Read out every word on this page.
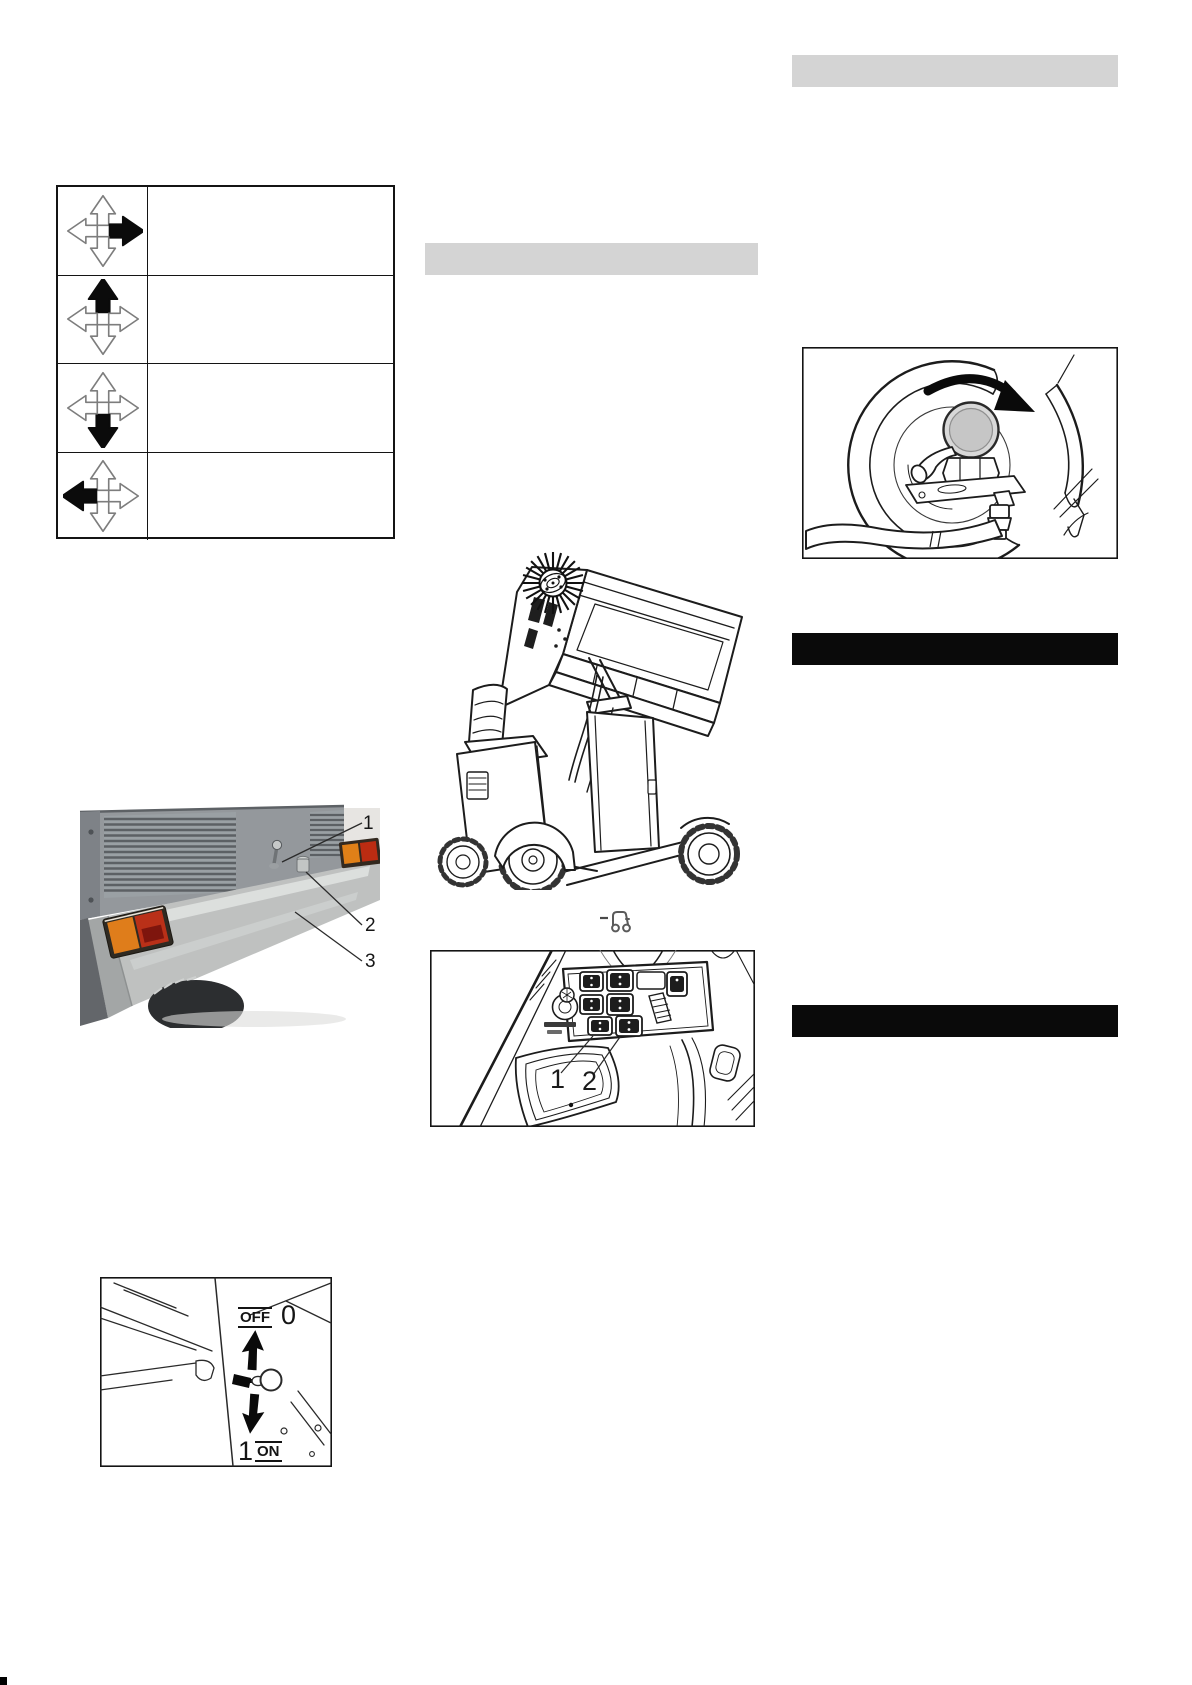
1 2
1
2
3
OFF 0
1 ON
